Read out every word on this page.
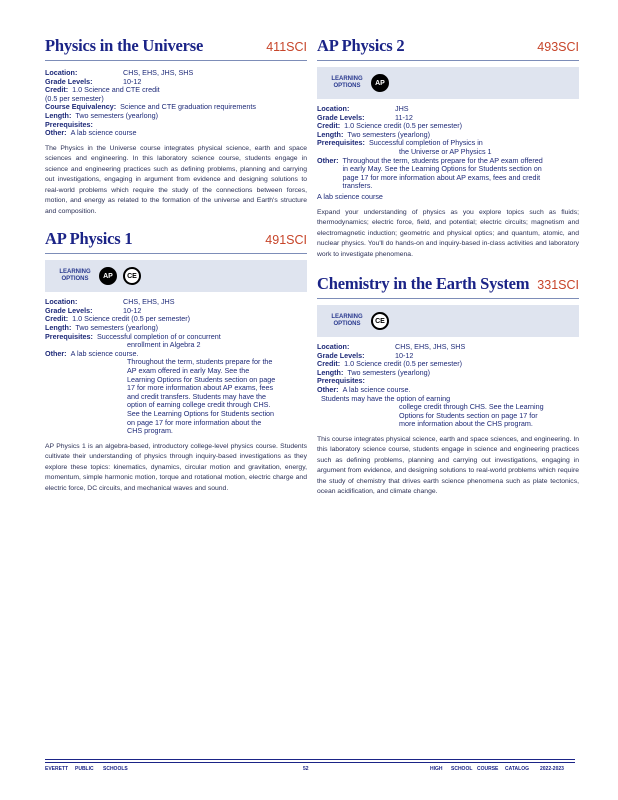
Physics in the Universe	411SCI
Location:	CHS, EHS, JHS, SHS
Grade Levels:	10-12
Credit: 1.0 Science and CTE credit
(0.5 per semester)
Course Equivalency: Science and CTE graduation requirements
Length: Two semesters (yearlong)
Prerequisites:
Other: A lab science course
The Physics in the Universe course integrates physical science, earth and space sciences and engineering. In this laboratory science course, students engage in science and engineering practices such as defining problems, planning and carrying out investigations, engaging in argument from evidence and designing solutions to real-world problems which require the study of the connections between forces, motion, and energy as related to the formation of the universe and Earth's structure and composition.
AP Physics 1	491SCI
LEARNING OPTIONS	AP	CE
Location:	CHS, EHS, JHS
Grade Levels:	10-12
Credit: 1.0 Science credit (0.5 per semester)
Length: Two semesters (yearlong)
Prerequisites: Successful completion of or concurrent
enrollment in Algebra 2
Other: A lab science course.
Throughout the term, students prepare for the AP exam offered in early May. See the Learning Options for Students section on page 17 for more information about AP exams, fees and credit transfers. Students may have the option of earning college credit through CHS. See the Learning Options for Students section on page 17 for more information about the CHS program.
AP Physics 1 is an algebra-based, introductory college-level physics course. Students cultivate their understanding of physics through inquiry-based investigations as they explore these topics: kinematics, dynamics, circular motion and gravitation, energy, momentum, simple harmonic motion, torque and rotational motion, electric charge and electric force, DC circuits, and mechanical waves and sound.
AP Physics 2	493SCI
LEARNING OPTIONS	AP
Location:	JHS
Grade Levels:	11-12
Credit: 1.0 Science credit (0.5 per semester)
Length: Two semesters (yearlong)
Prerequisites: Successful completion of Physics in
the Universe or AP Physics 1
Other: Throughout the term, students prepare for the AP exam offered in early May. See the Learning Options for Students section on page 17 for more information about AP exams, fees and credit transfers.
A lab science course
Expand your understanding of physics as you explore topics such as fluids; thermodynamics; electric force, field, and potential; electric circuits; magnetism and electromagnetic induction; geometric and physical optics; and quantum, atomic, and nuclear physics. You'll do hands-on and inquiry-based in-class activities and laboratory work to investigate phenomena.
Chemistry in the Earth System 331SCI
LEARNING OPTIONS	CE
Location:	CHS, EHS, JHS, SHS
Grade Levels:	10-12
Credit: 1.0 Science credit (0.5 per semester)
Length: Two semesters (yearlong)
Prerequisites:
Other: A lab science course.
Students may have the option of earning
college credit through CHS. See the Learning Options for Students section on page 17 for more information about the CHS program.
This course integrates physical science, earth and space sciences, and engineering. In this laboratory science course, students engage in science and engineering practices such as defining problems, planning and carrying out investigations, engaging in argument from evidence, and designing solutions to real-world problems which require the study of chemistry that drives earth science phenomena such as plate tectonics, ocean acidification, and climate change.
EVERETT PUBLIC SCHOOLS	52	HIGH SCHOOL COURSE CATALOG 2022-2023
